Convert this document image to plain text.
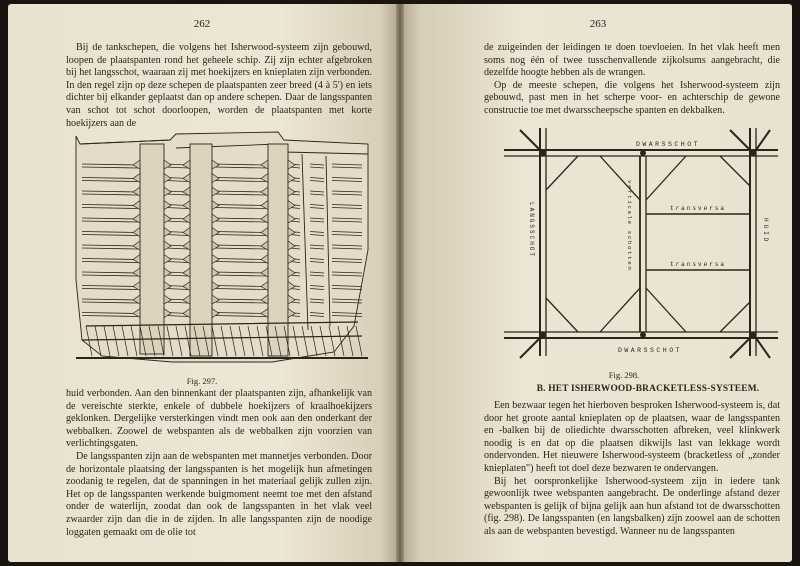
262

Bij de tankschepen, die volgens het Isherwood-systeem zijn gebouwd, loopen de plaatspanten rond het geheele schip. Zij zijn echter afgebroken bij het langsschot, waaraan zij met hoekijzers en knieplaten zijn verbonden. In den regel zijn op deze schepen de plaatspanten zeer breed (4 à 5') en iets dichter bij elkander geplaatst dan op andere schepen. Daar de langsspanten van schot tot schot doorloopen, worden de plaatspanten met korte hoekijzers aan de

Fig. 297.

huid verbonden. Aan den binnenkant der plaatspanten zijn, afhankelijk van de vereischte sterkte, enkele of dubbele hoekijzers of kraalhoekijzers geklonken. Dergelijke versterkingen vindt men ook aan den onderkant der webbalken. Zoowel de webspanten als de webbalken zijn voorzien van verlichtingsgaten.

De langsspanten zijn aan de webspanten met mannetjes verbonden. Door de horizontale plaatsing der langsspanten is het mogelijk hun afmetingen zoodanig te regelen, dat de spanningen in het materiaal gelijk zullen zijn. Het op de langsspanten werkende buigmoment neemt toe met den afstand onder de waterlijn, zoodat dan ook de langsspanten in het vlak veel zwaarder zijn dan die in de zijden. In alle langsspanten zijn de noodige loggaten gemaakt om de olie tot

263

de zuigeinden der leidingen te doen toevloeien. In het vlak heeft men soms nog één of twee tusschenvallende zijkolsums aangebracht, die dezelfde hoogte hebben als de wrangen.

Op de meeste schepen, die volgens het Isherwood-systeem zijn gebouwd, past men in het scherpe voor- en achterschip de gewone constructie toe met dwarsscheepsche spanten en dekbalken.

DWARSSCHOT
DWARSSCHOT
transversa
transversa
LANGSSCHOT	verticale schotten	HUID
Fig. 298.
B. HET ISHERWOOD-BRACKETLESS-SYSTEEM.

Een bezwaar tegen het hierboven besproken Isherwood-systeem is, dat door het groote aantal knieplaten op de plaatsen, waar de langsspanten en -balken bij de oliedichte dwarsschotten afbreken, veel klinkwerk noodig is en dat op die plaatsen dikwijls last van lekkage wordt ondervonden. Het nieuwere Isherwood-systeem (bracketless of „zonder knieplaten") heeft tot doel deze bezwaren te ondervangen.

Bij het oorspronkelijke Isherwood-systeem zijn in iedere tank gewoonlijk twee webspanten aangebracht. De onderlinge afstand dezer webspanten is gelijk of bijna gelijk aan hun afstand tot de dwarsschotten (fig. 298). De langsspanten (en langsbalken) zijn zoowel aan de schotten als aan de webspanten bevestigd. Wanneer nu de langsspanten
